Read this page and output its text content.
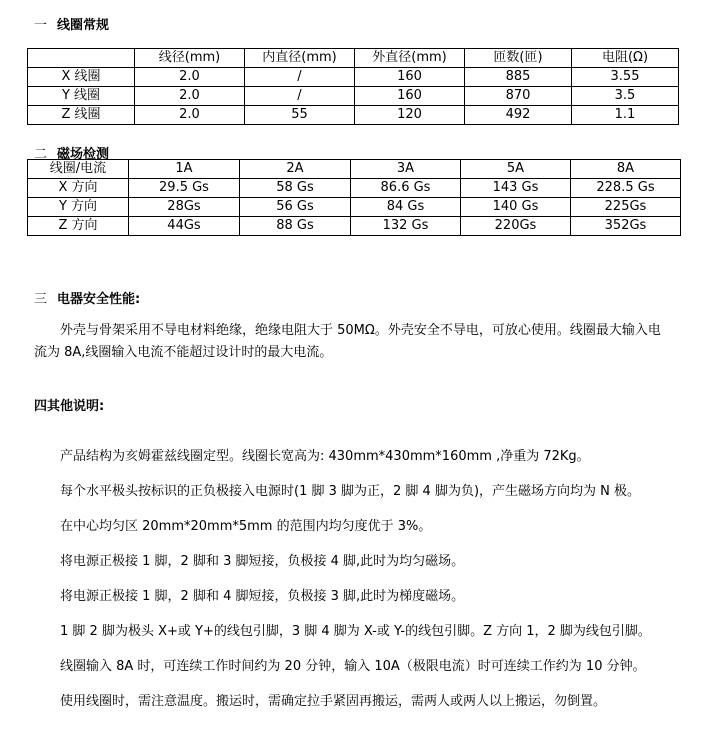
一 线圈常规
	线径(mm)	内直径(mm)	外直径(mm)	匝数(匝)	电阻(Ω)
X 线圈	2.0	/	160	885	3.55
Y 线圈	2.0	/	160	870	3.5
Z 线圈	2.0	55	120	492	1.1
二 磁场检测
线圈/电流	1A	2A	3A	5A	8A
X 方向	29.5 Gs	58 Gs	86.6 Gs	143 Gs	228.5 Gs
Y 方向	28Gs	56 Gs	84 Gs	140 Gs	225Gs
Z 方向	44Gs	88 Gs	132 Gs	220Gs	352Gs
三 电器安全性能:
外壳与骨架采用不导电材料绝缘，绝缘电阻大于 50MΩ。外壳安全不导电，可放心使用。线圈最大输入电流为 8A,线圈输入电流不能超过设计时的最大电流。
四其他说明:
产品结构为亥姆霍兹线圈定型。线圈长宽高为: 430mm*430mm*160mm ,净重为 72Kg。
每个水平极头按标识的正负极接入电源时(1 脚 3 脚为正，2 脚 4 脚为负)，产生磁场方向均为 N 极。
在中心均匀区 20mm*20mm*5mm 的范围内均匀度优于 3%。
将电源正极接 1 脚，2 脚和 3 脚短接，负极接 4 脚,此时为均匀磁场。
将电源正极接 1 脚，2 脚和 4 脚短接，负极接 3 脚,此时为梯度磁场。
1 脚 2 脚为极头 X+或 Y+的线包引脚，3 脚 4 脚为 X-或 Y-的线包引脚。Z 方向 1，2 脚为线包引脚。
线圈输入 8A 时，可连续工作时间约为 20 分钟，输入 10A（极限电流）时可连续工作约为 10 分钟。
使用线圈时，需注意温度。搬运时，需确定拉手紧固再搬运，需两人或两人以上搬运，勿倒置。
